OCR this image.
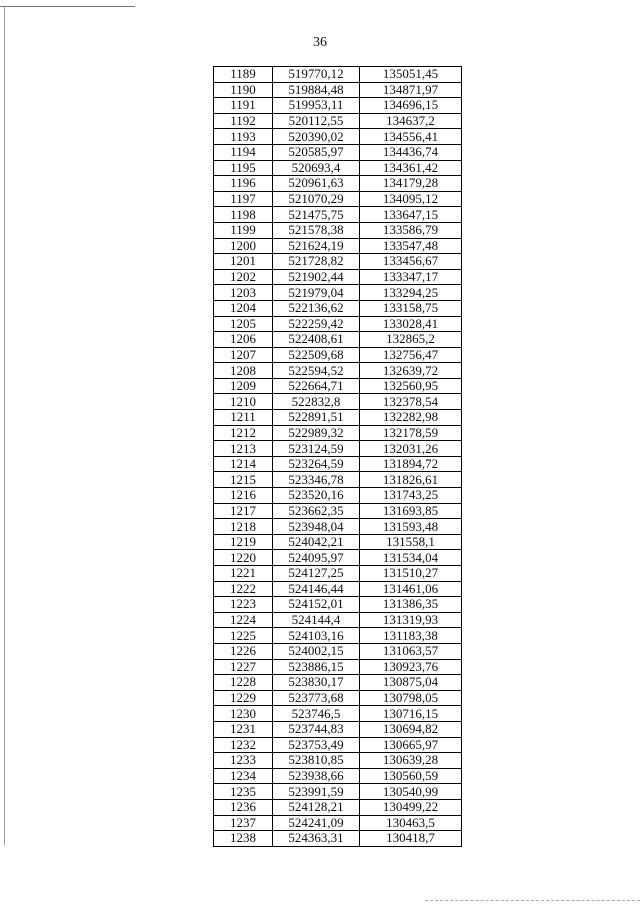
36
1189	519770,12	135051,45
1190	519884,48	134871,97
1191	519953,11	134696,15
1192	520112,55	134637,2
1193	520390,02	134556,41
1194	520585,97	134436,74
1195	520693,4	134361,42
1196	520961,63	134179,28
1197	521070,29	134095,12
1198	521475,75	133647,15
1199	521578,38	133586,79
1200	521624,19	133547,48
1201	521728,82	133456,67
1202	521902,44	133347,17
1203	521979,04	133294,25
1204	522136,62	133158,75
1205	522259,42	133028,41
1206	522408,61	132865,2
1207	522509,68	132756,47
1208	522594,52	132639,72
1209	522664,71	132560,95
1210	522832,8	132378,54
1211	522891,51	132282,98
1212	522989,32	132178,59
1213	523124,59	132031,26
1214	523264,59	131894,72
1215	523346,78	131826,61
1216	523520,16	131743,25
1217	523662,35	131693,85
1218	523948,04	131593,48
1219	524042,21	131558,1
1220	524095,97	131534,04
1221	524127,25	131510,27
1222	524146,44	131461,06
1223	524152,01	131386,35
1224	524144,4	131319,93
1225	524103,16	131183,38
1226	524002,15	131063,57
1227	523886,15	130923,76
1228	523830,17	130875,04
1229	523773,68	130798,05
1230	523746,5	130716,15
1231	523744,83	130694,82
1232	523753,49	130665,97
1233	523810,85	130639,28
1234	523938,66	130560,59
1235	523991,59	130540,99
1236	524128,21	130499,22
1237	524241,09	130463,5
1238	524363,31	130418,7
